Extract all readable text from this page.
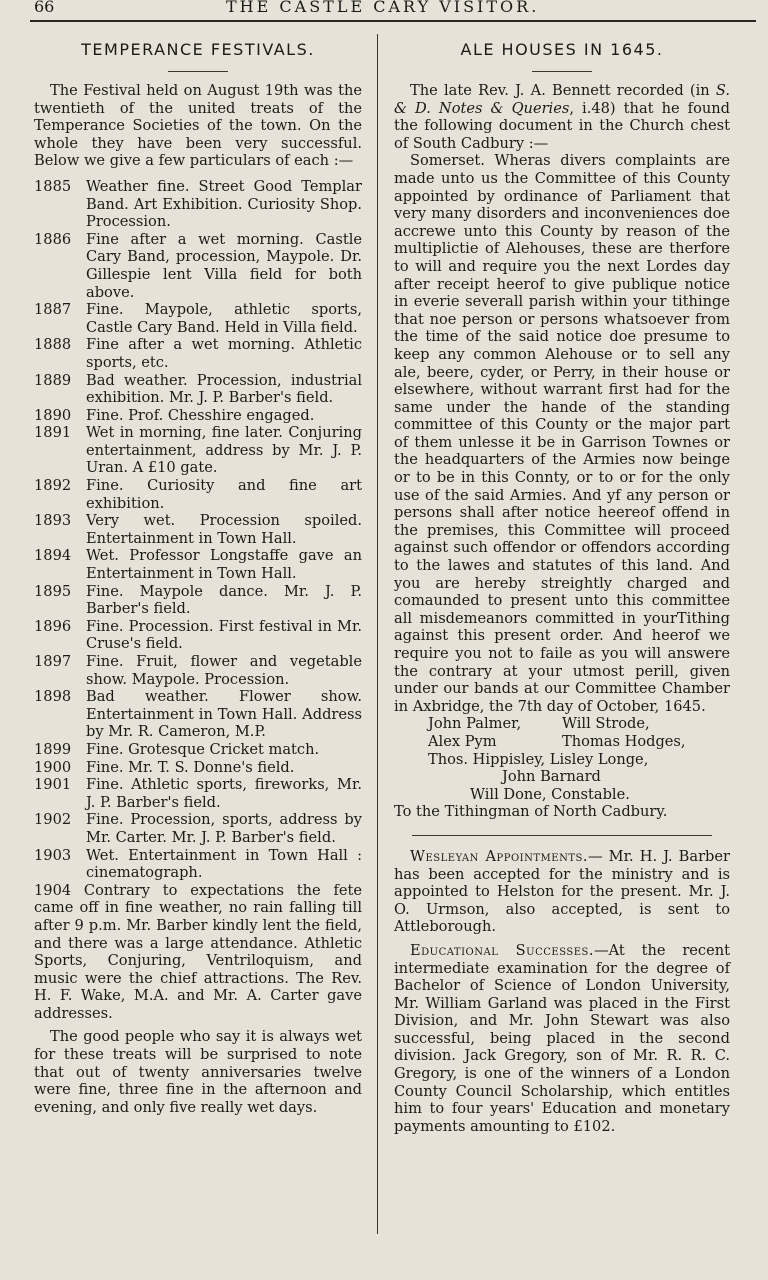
66	THE CASTLE CARY VISITOR.
TEMPERANCE FESTIVALS.

The Festival held on August 19th was the twentieth of the united treats of the Temperance Societies of the town. On the whole they have been very successful. Below we give a few particulars of each :—

1885	Weather fine. Street Good Templar Band. Art Exhibition. Curiosity Shop. Procession.
1886	Fine after a wet morning. Castle Cary Band, procession, Maypole. Dr. Gillespie lent Villa field for both above.
1887	Fine. Maypole, athletic sports, Castle Cary Band. Held in Villa field.
1888	Fine after a wet morning. Athletic sports, etc.
1889	Bad weather. Procession, industrial exhibition. Mr. J. P. Barber's field.
1890	Fine. Prof. Chesshire engaged.
1891	Wet in morning, fine later. Conjuring entertainment, address by Mr. J. P. Uran. A £10 gate.
1892	Fine. Curiosity and fine art exhibition.
1893	Very wet. Procession spoiled. Entertainment in Town Hall.
1894	Wet. Professor Longstaffe gave an Entertainment in Town Hall.
1895	Fine. Maypole dance. Mr. J. P. Barber's field.
1896	Fine. Procession. First festival in Mr. Cruse's field.
1897	Fine. Fruit, flower and vegetable show. Maypole. Procession.
1898	Bad weather. Flower show. Entertainment in Town Hall. Address by Mr. R. Cameron, M.P.
1899	Fine. Grotesque Cricket match.
1900	Fine. Mr. T. S. Donne's field.
1901	Fine. Athletic sports, fireworks, Mr. J. P. Barber's field.
1902	Fine. Procession, sports, address by Mr. Carter. Mr. J. P. Barber's field.
1903	Wet. Entertainment in Town Hall : cinematograph.

1904 Contrary to expectations the fete came off in fine weather, no rain falling till after 9 p.m. Mr. Barber kindly lent the field, and there was a large attendance. Athletic Sports, Conjuring, Ventriloquism, and music were the chief attractions. The Rev. H. F. Wake, M.A. and Mr. A. Carter gave addresses.

The good people who say it is always wet for these treats will be surprised to note that out of twenty anniversaries twelve were fine, three fine in the afternoon and evening, and only five really wet days.

ALE HOUSES IN 1645.

The late Rev. J. A. Bennett recorded (in S. & D. Notes & Queries, i.48) that he found the following document in the Church chest of South Cadbury :—

Somerset. Wheras divers complaints are made unto us the Committee of this County appointed by ordinance of Parliament that very many disorders and inconveniences doe accrewe unto this County by reason of the multiplictie of Alehouses, these are therfore to will and require you the next Lordes day after receipt heerof to give publique notice in everie severall parish within your tithinge that noe person or persons whatsoever from the time of the said notice doe presume to keep any common Alehouse or to sell any ale, beere, cyder, or Perry, in their house or elsewhere, without warrant first had for the same under the hande of the standing committee of this County or the major part of them unlesse it be in Garrison Townes or the headquarters of the Armies now beinge or to be in this Connty, or to or for the only use of the said Armies. And yf any person or persons shall after notice heereof offend in the premises, this Committee will proceed against such offendor or offendors according to the lawes and statutes of this land. And you are hereby streightly charged and comaunded to present unto this committee all misdemeanors committed in yourTithing against this present order. And heerof we require you not to faile as you will answere the contrary at your utmost perill, given under our bands at our Committee Chamber in Axbridge, the 7th day of October, 1645.

John Palmer,	Will Strode,
Alex Pym	Thomas Hodges,
Thos. Hippisley, Lisley Longe,
John Barnard
Will Done, Constable.
To the Tithingman of North Cadbury.

Wesleyan Appointments.— Mr. H. J. Barber has been accepted for the ministry and is appointed to Helston for the present. Mr. J. O. Urmson, also accepted, is sent to Attleborough.

Educational Successes.—At the recent intermediate examination for the degree of Bachelor of Science of London University, Mr. William Garland was placed in the First Division, and Mr. John Stewart was also successful, being placed in the second division. Jack Gregory, son of Mr. R. R. C. Gregory, is one of the winners of a London County Council Scholarship, which entitles him to four years' Education and monetary payments amounting to £102.
